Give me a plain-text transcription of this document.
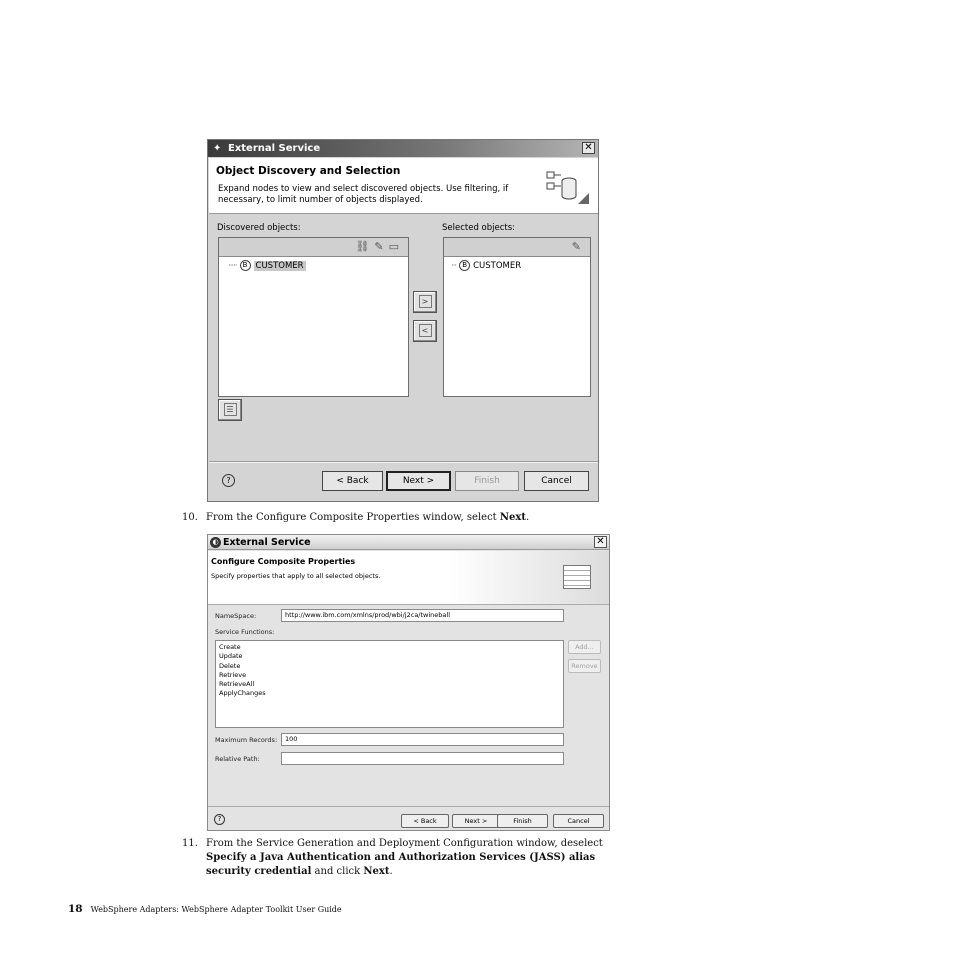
✦ External Service	✕
Object Discovery and Selection
Expand nodes to view and select discovered objects. Use filtering, if necessary, to limit number of objects displayed.
Discovered objects:	Selected objects:
⛓✎▭
····· B CUSTOMER
>
<
✎
··· B CUSTOMER
☰
?	< Back	Next >	Finish	Cancel
10. From the Configure Composite Properties window, select Next.
◐ External Service	✕
Configure Composite Properties
Specify properties that apply to all selected objects.
NameSpace:	http://www.ibm.com/xmlns/prod/wbi/j2ca/twineball
Service Functions:
Create
Update
Delete
Retrieve
RetrieveAll
ApplyChanges
Add...
Remove
Maximum Records:	100
Relative Path:
?	< Back	Next >	Finish	Cancel
11. From the Service Generation and Deployment Configuration window, deselect Specify a Java Authentication and Authorization Services (JASS) alias security credential and click Next.
18 WebSphere Adapters: WebSphere Adapter Toolkit User Guide
